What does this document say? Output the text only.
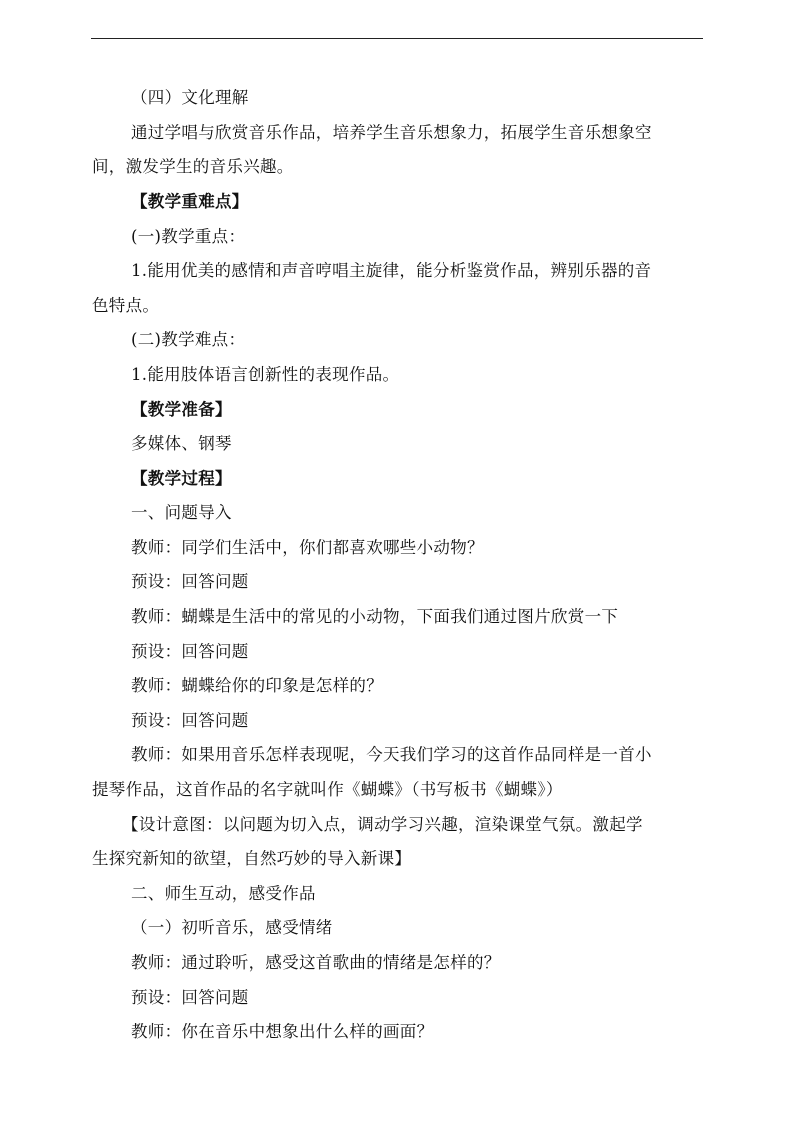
（四）文化理解
通过学唱与欣赏音乐作品，培养学生音乐想象力，拓展学生音乐想象空
间，激发学生的音乐兴趣。
【教学重难点】
(一)教学重点：
1.能用优美的感情和声音哼唱主旋律，能分析鉴赏作品，辨别乐器的音
色特点。
(二)教学难点：
1.能用肢体语言创新性的表现作品。
【教学准备】
多媒体、钢琴
【教学过程】
一、问题导入
教师：同学们生活中，你们都喜欢哪些小动物？
预设：回答问题
教师：蝴蝶是生活中的常见的小动物，下面我们通过图片欣赏一下
预设：回答问题
教师：蝴蝶给你的印象是怎样的？
预设：回答问题
教师：如果用音乐怎样表现呢，今天我们学习的这首作品同样是一首小
提琴作品，这首作品的名字就叫作《蝴蝶》（书写板书《蝴蝶》）
【设计意图：以问题为切入点，调动学习兴趣，渲染课堂气氛。激起学
生探究新知的欲望，自然巧妙的导入新课】
二、师生互动，感受作品
（一）初听音乐，感受情绪
教师：通过聆听，感受这首歌曲的情绪是怎样的？
预设：回答问题
教师：你在音乐中想象出什么样的画面？
